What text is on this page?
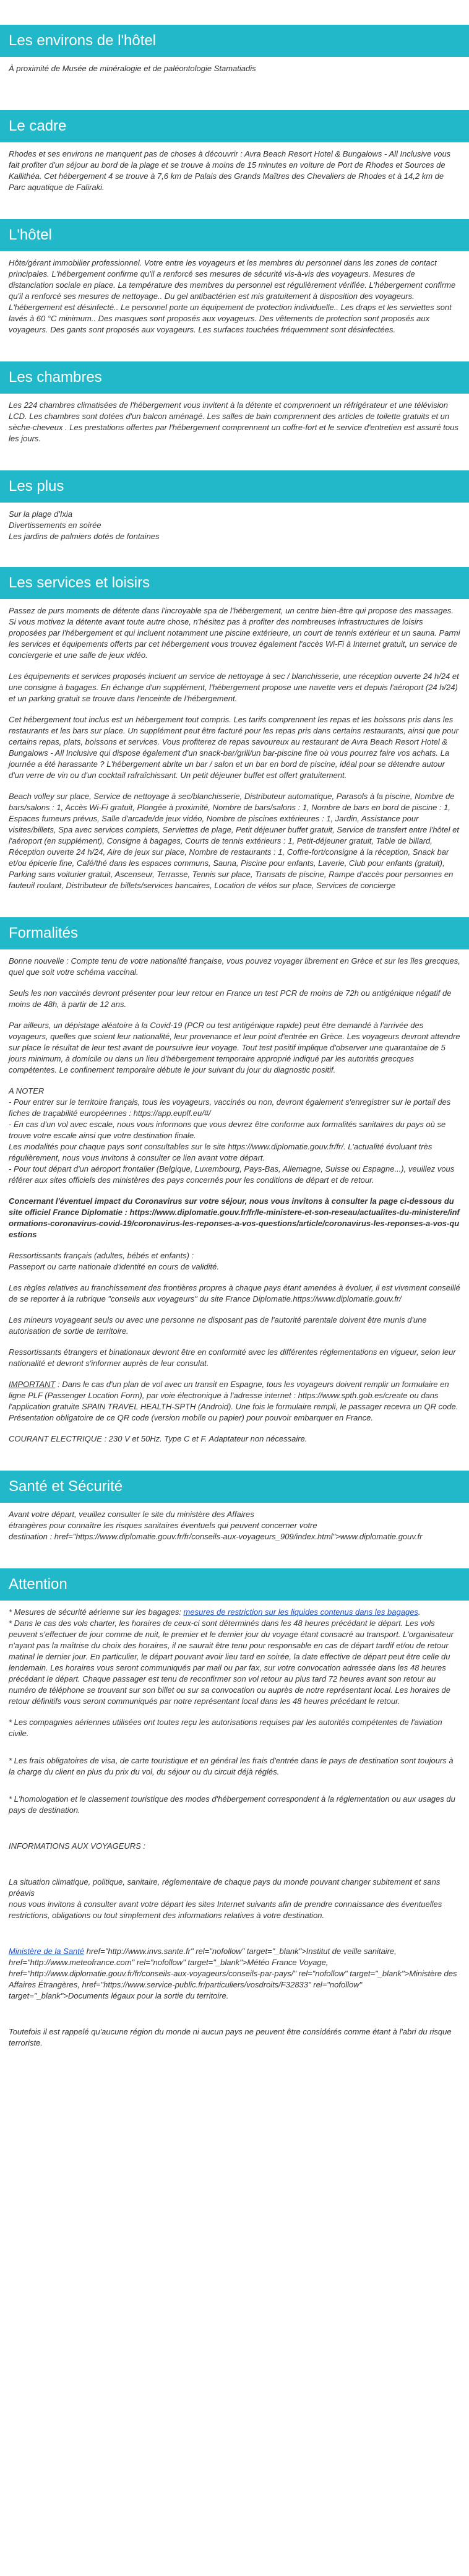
Les environs de l'hôtel

À proximité de Musée de minéralogie et de paléontologie Stamatiadis

Le cadre

Rhodes et ses environs ne manquent pas de choses à découvrir : Avra Beach Resort Hotel & Bungalows - All Inclusive vous fait profiter d'un séjour au bord de la plage et se trouve à moins de 15 minutes en voiture de Port de Rhodes et Sources de Kallithéa. Cet hébergement 4 se trouve à 7,6 km de Palais des Grands Maîtres des Chevaliers de Rhodes et à 14,2 km de Parc aquatique de Faliraki.

L'hôtel

Hôte/gérant immobilier professionnel. Votre entre les voyageurs et les membres du personnel dans les zones de contact principales. L'hébergement confirme qu'il a renforcé ses mesures de sécurité vis-à-vis des voyageurs. Mesures de distanciation sociale en place. La température des membres du personnel est régulièrement vérifiée. L'hébergement confirme qu'il a renforcé ses mesures de nettoyage.. Du gel antibactérien est mis gratuitement à disposition des voyageurs. L'hébergement est désinfecté.. Le personnel porte un équipement de protection individuelle.. Les draps et les serviettes sont lavés à 60 °C minimum.. Des masques sont proposés aux voyageurs. Des vêtements de protection sont proposés aux voyageurs. Des gants sont proposés aux voyageurs. Les surfaces touchées fréquemment sont désinfectées.

Les chambres

Les 224 chambres climatisées de l'hébergement vous invitent à la détente et comprennent un réfrigérateur et une télévision LCD. Les chambres sont dotées d'un balcon aménagé. Les salles de bain comprennent des articles de toilette gratuits et un sèche-cheveux . Les prestations offertes par l'hébergement comprennent un coffre-fort et le service d'entretien est assuré tous les jours.

Les plus
Sur la plage d'Ixia
Divertissements en soirée
Les jardins de palmiers dotés de fontaines
Les services et loisirs

Passez de purs moments de détente dans l'incroyable spa de l'hébergement, un centre bien-être qui propose des massages. Si vous motivez la détente avant toute autre chose, n'hésitez pas à profiter des nombreuses infrastructures de loisirs proposées par l'hébergement et qui incluent notamment une piscine extérieure, un court de tennis extérieur et un sauna. Parmi les services et équipements offerts par cet hébergement vous trouvez également l'accès Wi-Fi à Internet gratuit, un service de conciergerie et une salle de jeux vidéo.

Les équipements et services proposés incluent un service de nettoyage à sec / blanchisserie, une réception ouverte 24 h/24 et une consigne à bagages. En échange d'un supplément, l'hébergement propose une navette vers et depuis l'aéroport (24 h/24) et un parking gratuit se trouve dans l'enceinte de l'hébergement.

Cet hébergement tout inclus est un hébergement tout compris. Les tarifs comprennent les repas et les boissons pris dans les restaurants et les bars sur place. Un supplément peut être facturé pour les repas pris dans certains restaurants, ainsi que pour certains repas, plats, boissons et services. Vous profiterez de repas savoureux au restaurant de Avra Beach Resort Hotel & Bungalows - All Inclusive qui dispose également d'un snack-bar/grill/un bar-piscine fine où vous pourrez faire vos achats. La journée a été harassante ? L'hébergement abrite un bar / salon et un bar en bord de piscine, idéal pour se détendre autour d'un verre de vin ou d'un cocktail rafraîchissant. Un petit déjeuner buffet est offert gratuitement.

Beach volley sur place, Service de nettoyage à sec/blanchisserie, Distributeur automatique, Parasols à la piscine, Nombre de bars/salons : 1, Accès Wi-Fi gratuit, Plongée à proximité, Nombre de bars/salons : 1, Nombre de bars en bord de piscine : 1, Espaces fumeurs prévus, Salle d'arcade/de jeux vidéo, Nombre de piscines extérieures : 1, Jardin, Assistance pour visites/billets, Spa avec services complets, Serviettes de plage, Petit déjeuner buffet gratuit, Service de transfert entre l'hôtel et l'aéroport (en supplément), Consigne à bagages, Courts de tennis extérieurs : 1, Petit-déjeuner gratuit, Table de billard, Réception ouverte 24 h/24, Aire de jeux sur place, Nombre de restaurants : 1, Coffre-fort/consigne à la réception, Snack bar et/ou épicerie fine, Café/thé dans les espaces communs, Sauna, Piscine pour enfants, Laverie, Club pour enfants (gratuit), Parking sans voiturier gratuit, Ascenseur, Terrasse, Tennis sur place, Transats de piscine, Rampe d'accès pour personnes en fauteuil roulant, Distributeur de billets/services bancaires, Location de vélos sur place, Services de concierge

Formalités

Bonne nouvelle : Compte tenu de votre nationalité française, vous pouvez voyager librement en Grèce et sur les îles grecques, quel que soit votre schéma vaccinal.

Seuls les non vaccinés devront présenter pour leur retour en France un test PCR de moins de 72h ou antigénique négatif de moins de 48h, à partir de 12 ans.

Par ailleurs, un dépistage aléatoire à la Covid-19 (PCR ou test antigénique rapide) peut être demandé à l'arrivée des voyageurs, quelles que soient leur nationalité, leur provenance et leur point d'entrée en Grèce. Les voyageurs devront attendre sur place le résultat de leur test avant de poursuivre leur voyage. Tout test positif implique d'observer une quarantaine de 5 jours minimum, à domicile ou dans un lieu d'hébergement temporaire approprié indiqué par les autorités grecques compétentes. Le confinement temporaire débute le jour suivant du jour du diagnostic positif.

A NOTER
- Pour entrer sur le territoire français, tous les voyageurs, vaccinés ou non, devront également s'enregistrer sur le portail des fiches de traçabilité européennes : https://app.euplf.eu/#/
- En cas d'un vol avec escale, nous vous informons que vous devrez être conforme aux formalités sanitaires du pays où se trouve votre escale ainsi que votre destination finale.
Les modalités pour chaque pays sont consultables sur le site https://www.diplomatie.gouv.fr/fr/. L'actualité évoluant très régulièrement, nous vous invitons à consulter ce lien avant votre départ.
- Pour tout départ d'un aéroport frontalier (Belgique, Luxembourg, Pays-Bas, Allemagne, Suisse ou Espagne...), veuillez vous référer aux sites officiels des ministères des pays concernés pour les conditions de départ et de retour.

Concernant l'éventuel impact du Coronavirus sur votre séjour, nous vous invitons à consulter la page ci-dessous du site officiel France Diplomatie : https://www.diplomatie.gouv.fr/fr/le-ministere-et-son-reseau/actualites-du-ministere/informations-coronavirus-covid-19/coronavirus-les-reponses-a-vos-questions/article/coronavirus-les-reponses-a-vos-questions

Ressortissants français (adultes, bébés et enfants) :
Passeport ou carte nationale d'identité en cours de validité.

Les règles relatives au franchissement des frontières propres à chaque pays étant amenées à évoluer, il est vivement conseillé de se reporter à la rubrique "conseils aux voyageurs" du site France Diplomatie.https://www.diplomatie.gouv.fr/

Les mineurs voyageant seuls ou avec une personne ne disposant pas de l'autorité parentale doivent être munis d'une autorisation de sortie de territoire.

Ressortissants étrangers et binationaux devront être en conformité avec les différentes réglementations en vigueur, selon leur nationalité et devront s'informer auprès de leur consulat.

IMPORTANT : Dans le cas d'un plan de vol avec un transit en Espagne, tous les voyageurs doivent remplir un formulaire en ligne PLF (Passenger Location Form), par voie électronique à l'adresse internet : https://www.spth.gob.es/create ou dans l'application gratuite SPAIN TRAVEL HEALTH-SPTH (Android). Une fois le formulaire rempli, le passager recevra un QR code. Présentation obligatoire de ce QR code (version mobile ou papier) pour pouvoir embarquer en France.

COURANT ELECTRIQUE : 230 V et 50Hz. Type C et F. Adaptateur non nécessaire.

Santé et Sécurité

Avant votre départ, veuillez consulter le site du ministère des Affaires
étrangères pour connaître les risques sanitaires éventuels qui peuvent concerner votre
destination : href="https://www.diplomatie.gouv.fr/fr/conseils-aux-voyageurs_909/index.html">www.diplomatie.gouv.fr

Attention

* Mesures de sécurité aérienne sur les bagages: mesures de restriction sur les liquides contenus dans les bagages.
* Dans le cas des vols charter, les horaires de ceux-ci sont déterminés dans les 48 heures précédant le départ. Les vols peuvent s'effectuer de jour comme de nuit, le premier et le dernier jour du voyage étant consacré au transport. L'organisateur n'ayant pas la maîtrise du choix des horaires, il ne saurait être tenu pour responsable en cas de départ tardif et/ou de retour matinal le dernier jour. En particulier, le départ pouvant avoir lieu tard en soirée, la date effective de départ peut être celle du lendemain. Les horaires vous seront communiqués par mail ou par fax, sur votre convocation adressée dans les 48 heures précédant le départ. Chaque passager est tenu de reconfirmer son vol retour au plus tard 72 heures avant son retour au numéro de téléphone se trouvant sur son billet ou sur sa convocation ou auprès de notre représentant local. Les horaires de retour définitifs vous seront communiqués par notre représentant local dans les 48 heures précédant le retour.

* Les compagnies aériennes utilisées ont toutes reçu les autorisations requises par les autorités compétentes de l'aviation civile.

* Les frais obligatoires de visa, de carte touristique et en général les frais d'entrée dans le pays de destination sont toujours à la charge du client en plus du prix du vol, du séjour ou du circuit déjà réglés.

* L'homologation et le classement touristique des modes d'hébergement correspondent à la réglementation ou aux usages du pays de destination.

INFORMATIONS AUX VOYAGEURS :

La situation climatique, politique, sanitaire, réglementaire de chaque pays du monde pouvant changer subitement et sans préavis
nous vous invitons à consulter avant votre départ les sites Internet suivants afin de prendre connaissance des éventuelles restrictions, obligations ou tout simplement des informations relatives à votre destination.

Ministère de la Santé href="http://www.invs.sante.fr" rel="nofollow" target="_blank">Institut de veille sanitaire, href="http://www.meteofrance.com" rel="nofollow" target="_blank">Météo France Voyage, href="http://www.diplomatie.gouv.fr/fr/conseils-aux-voyageurs/conseils-par-pays/" rel="nofollow" target="_blank">Ministère des Affaires Étrangères, href="https://www.service-public.fr/particuliers/vosdroits/F32833" rel="nofollow" target="_blank">Documents légaux pour la sortie du territoire.

Toutefois il est rappelé qu'aucune région du monde ni aucun pays ne peuvent être considérés comme étant à l'abri du risque terroriste.
